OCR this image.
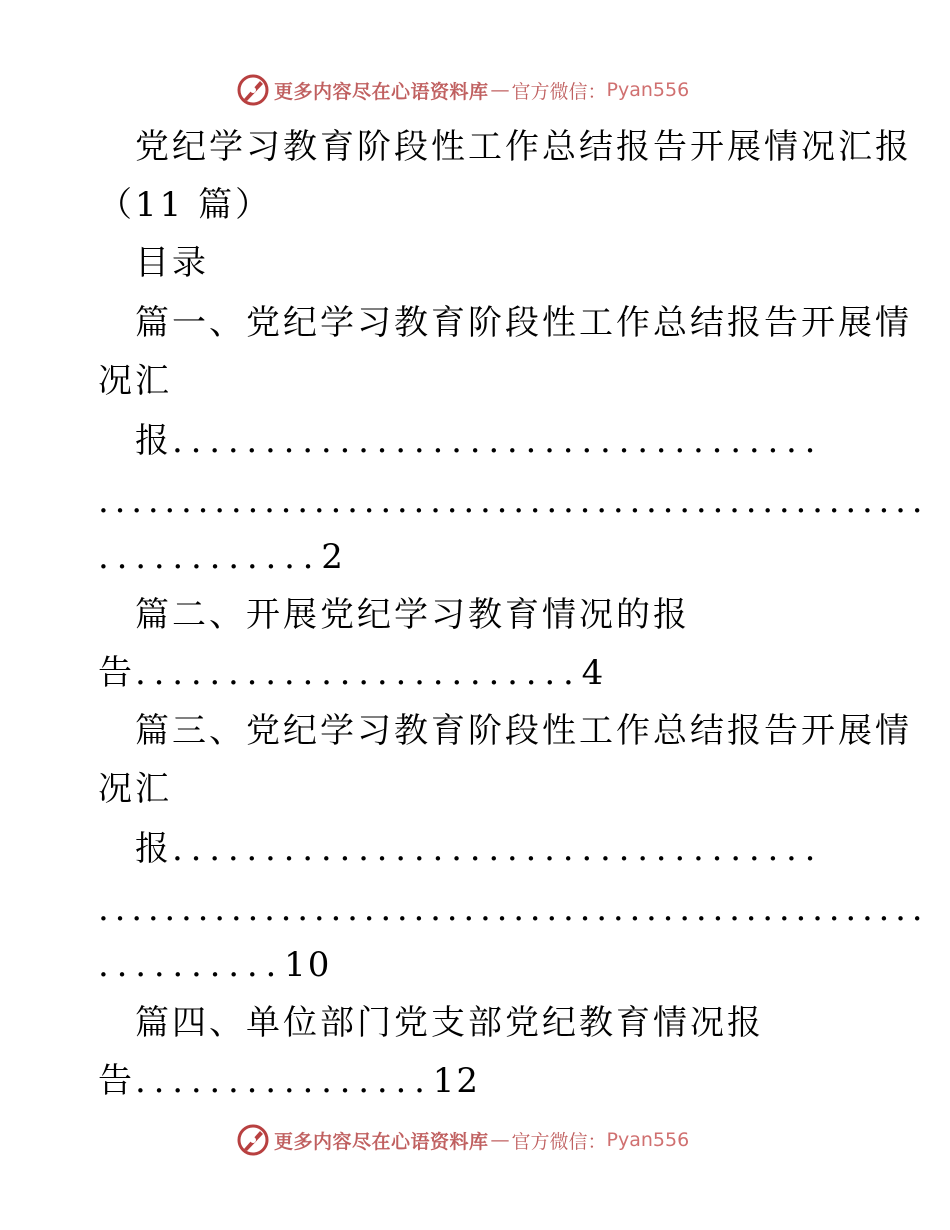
更多内容尽在心语资料库 — 官方微信： Pyan556
党纪学习教育阶段性工作总结报告开展情况汇报
（11 篇）
目录
篇一、党纪学习教育阶段性工作总结报告开展情
况汇
报...................................
..................................................
............2
篇二、开展党纪学习教育情况的报
告........................4
篇三、党纪学习教育阶段性工作总结报告开展情
况汇
报...................................
..................................................
..........10
篇四、单位部门党支部党纪教育情况报
告................12
更多内容尽在心语资料库 — 官方微信： Pyan556
